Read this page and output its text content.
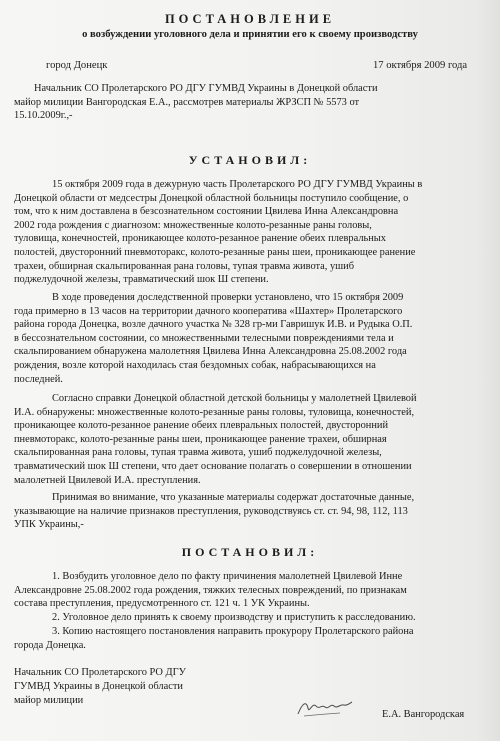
ПОСТАНОВЛЕНИЕ
о возбуждении уголовного дела и принятии его к своему производству
город Донецк	17 октября 2009 года
Начальник СО Пролетарского РО ДГУ ГУМВД Украины в Донецкой области
майор милиции Вангородская Е.А., рассмотрев материалы ЖРЗСП № 5573 от
15.10.2009г.,-
УСТАНОВИЛ:
15 октября 2009 года в дежурную часть Пролетарского РО ДГУ ГУМВД Украины в
Донецкой области от медсестры Донецкой областной больницы поступило сообщение, о
том, что к ним доставлена в безсознательном состоянии Цвилева Инна Александровна
2002 года рождения с диагнозом: множественные колото-резанные раны головы,
туловища, конечностей, проникающее колото-резанное ранение обеих плевральных
полостей, двусторонний пневмоторакс, колото-резанные раны шеи, проникающее ранение
трахеи, обширная скальпированная рана головы, тупая травма живота, ушиб
поджелудочной железы, травматический шок Ш степени.
В ходе проведения доследственной проверки установлено, что 15 октября 2009
года примерно в 13 часов на территории дачного кооператива «Шахтер» Пролетарского
района города Донецка, возле дачного участка № 328 гр-ми Гавришук И.В. и Рудыка О.П.
в бессознательном состоянии, со множественными телесными повреждениями тела и
скальпированием обнаружена малолетняя Цвилева Инна Александровна 25.08.2002 года
рождения, возле которой находилась стая бездомных собак, набрасывающихся на
последней.
Согласно справки Донецкой областной детской больницы у малолетней Цвилевой
И.А. обнаружены: множественные колото-резанные раны головы, туловища, конечностей,
проникающее колото-резанное ранение обеих плевральных полостей, двусторонний
пневмоторакс, колото-резанные раны шеи, проникающее ранение трахеи, обширная
скальпированная рана головы, тупая травма живота, ушиб поджелудочной железы,
травматический шок Ш степени, что дает основание полагать о совершении в отношении
малолетней Цвилевой И.А. преступления.
Принимая во внимание, что указанные материалы содержат достаточные данные,
указывающие на наличие признаков преступления, руководствуясь ст. ст. 94, 98, 112, 113
УПК Украины,-
ПОСТАНОВИЛ:
1. Возбудить уголовное дело по факту причинения малолетней Цвилевой Инне
Александровне 25.08.2002 года рождения, тяжких телесных повреждений, по признакам
состава преступления, предусмотренного ст. 121 ч. 1 УК Украины.
2. Уголовное дело принять к своему производству и приступить к расследованию.
3. Копию настоящего постановления направить прокурору Пролетарского района
города Донецка.
Начальник СО Пролетарского РО ДГУ
ГУМВД Украины в Донецкой области
майор милиции
Е.А. Вангородская
